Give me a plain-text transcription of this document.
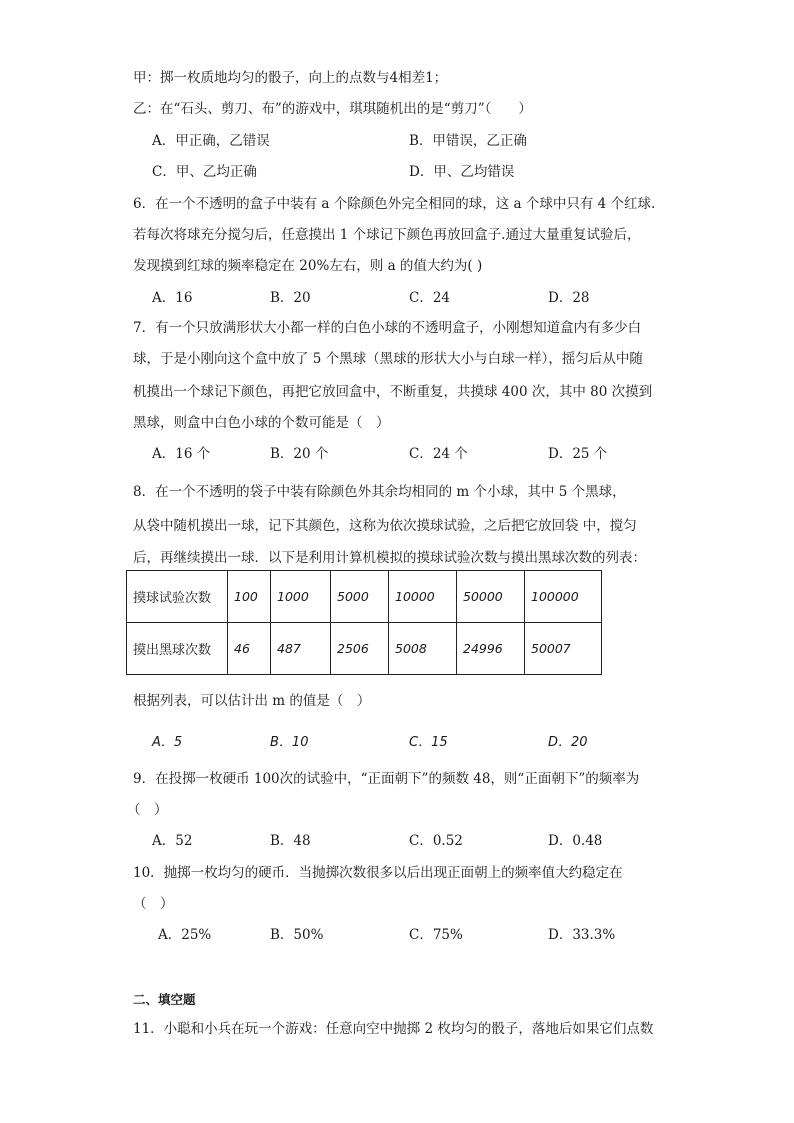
甲：掷一枚质地均匀的骰子，向上的点数与4相差1；
乙：在“石头、剪刀、布”的游戏中，琪琪随机出的是“剪刀”（　　）
A．甲正确，乙错误	B．甲错误，乙正确
C．甲、乙均正确	D．甲、乙均错误
6．在一个不透明的盒子中装有 a 个除颜色外完全相同的球，这 a 个球中只有 4 个红球.
若每次将球充分搅匀后，任意摸出 1 个球记下颜色再放回盒子.通过大量重复试验后，
发现摸到红球的频率稳定在 20%左右，则 a 的值大约为( )
A．16	B．20	C．24	D．28
7．有一个只放满形状大小都一样的白色小球的不透明盒子，小刚想知道盒内有多少白
球，于是小刚向这个盒中放了 5 个黑球（黑球的形状大小与白球一样），摇匀后从中随
机摸出一个球记下颜色，再把它放回盒中，不断重复，共摸球 400 次，其中 80 次摸到
黑球，则盒中白色小球的个数可能是（　）
A．16 个	B．20 个	C．24 个	D．25 个
8．在一个不透明的袋子中装有除颜色外其余均相同的 m 个小球，其中 5 个黑球，
从袋中随机摸出一球，记下其颜色，这称为依次摸球试验，之后把它放回袋 中，搅匀
后，再继续摸出一球．以下是利用计算机模拟的摸球试验次数与摸出黑球次数的列表：
摸球试验次数	100	1000	5000	10000	50000	100000
摸出黑球次数	46	487	2506	5008	24996	50007
根据列表，可以估计出 m 的值是（　）
A．5	B．10	C．15	D．20
9．在投掷一枚硬币 100次的试验中，“正面朝下”的频数 48，则“正面朝下”的频率为
（　）
A．52	B．48	C．0.52	D．0.48
10．抛掷一枚均匀的硬币．当抛掷次数很多以后出现正面朝上的频率值大约稳定在
（　）
A．25%	B．50%	C．75%	D．33.3%
二、填空题
11．小聪和小兵在玩一个游戏：任意向空中抛掷 2 枚均匀的骰子，落地后如果它们点数
